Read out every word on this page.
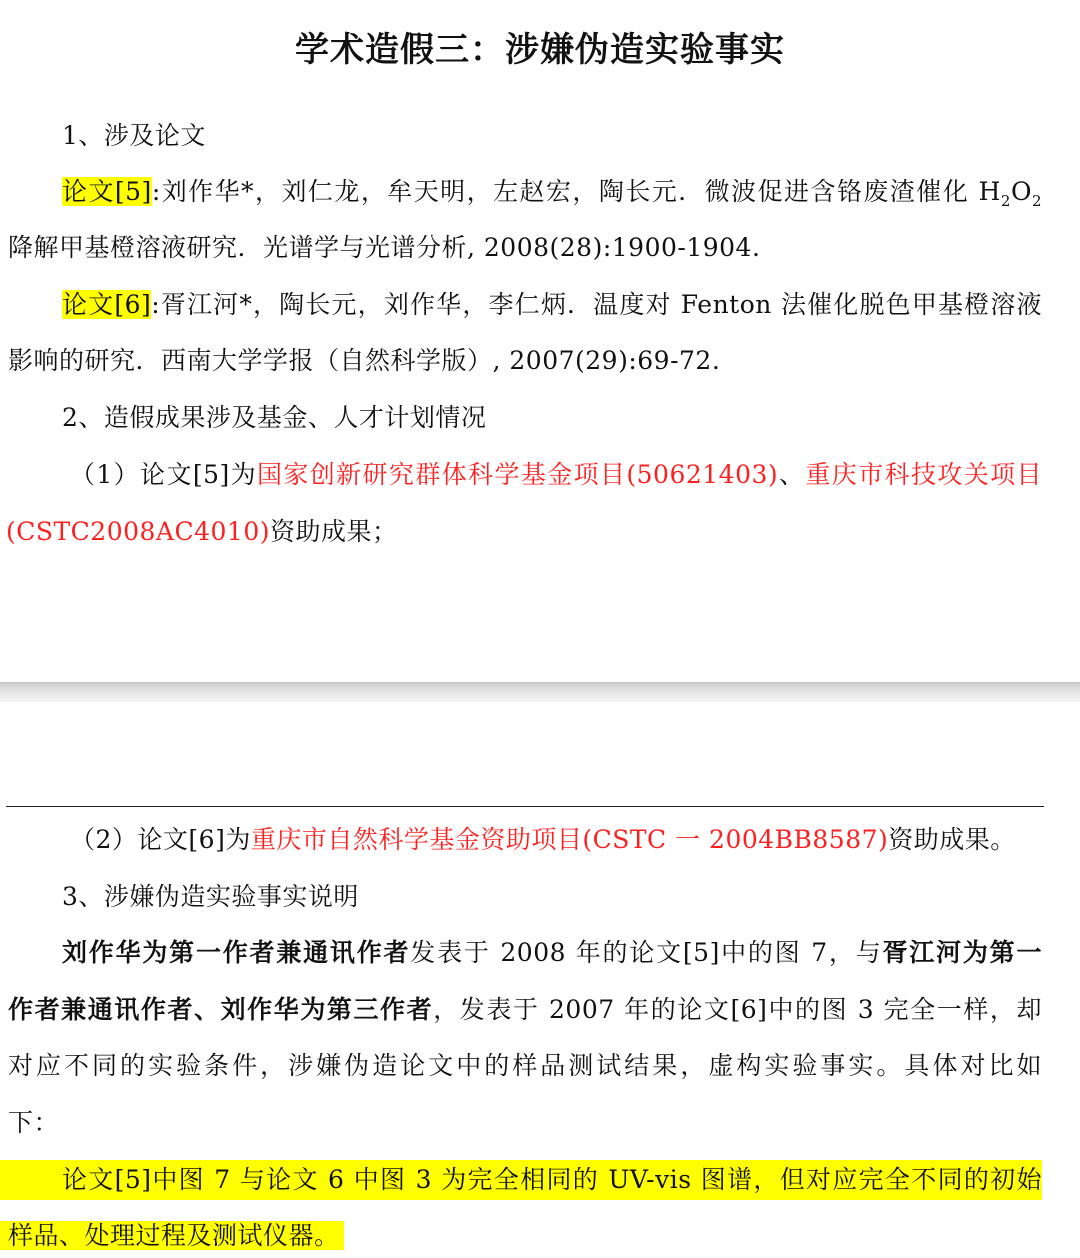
学术造假三：涉嫌伪造实验事实
1、涉及论文
论文[5]:刘作华*，刘仁龙，牟天明，左赵宏，陶长元．微波促进含铬废渣催化 $H_2O_2$
降解甲基橙溶液研究．光谱学与光谱分析, 2008(28):1900-1904.
论文[6]:胥江河*，陶长元，刘作华，李仁炳．温度对 Fenton 法催化脱色甲基橙溶液
影响的研究．西南大学学报（自然科学版）, 2007(29):69-72.
2、造假成果涉及基金、人才计划情况
（1）论文[5]为国家创新研究群体科学基金项目(50621403)、重庆市科技攻关项目
(CSTC2008AC4010)资助成果；
（2）论文[6]为重庆市自然科学基金资助项目(CSTC 一 2004BB8587)资助成果。
3、涉嫌伪造实验事实说明
刘作华为第一作者兼通讯作者发表于 2008 年的论文[5]中的图 7，与胥江河为第一
作者兼通讯作者、刘作华为第三作者，发表于 2007 年的论文[6]中的图 3 完全一样，却
对应不同的实验条件，涉嫌伪造论文中的样品测试结果，虚构实验事实。具体对比如
下：
论文[5]中图 7 与论文 6 中图 3 为完全相同的 UV-vis 图谱，但对应完全不同的初始
样品、处理过程及测试仪器。
